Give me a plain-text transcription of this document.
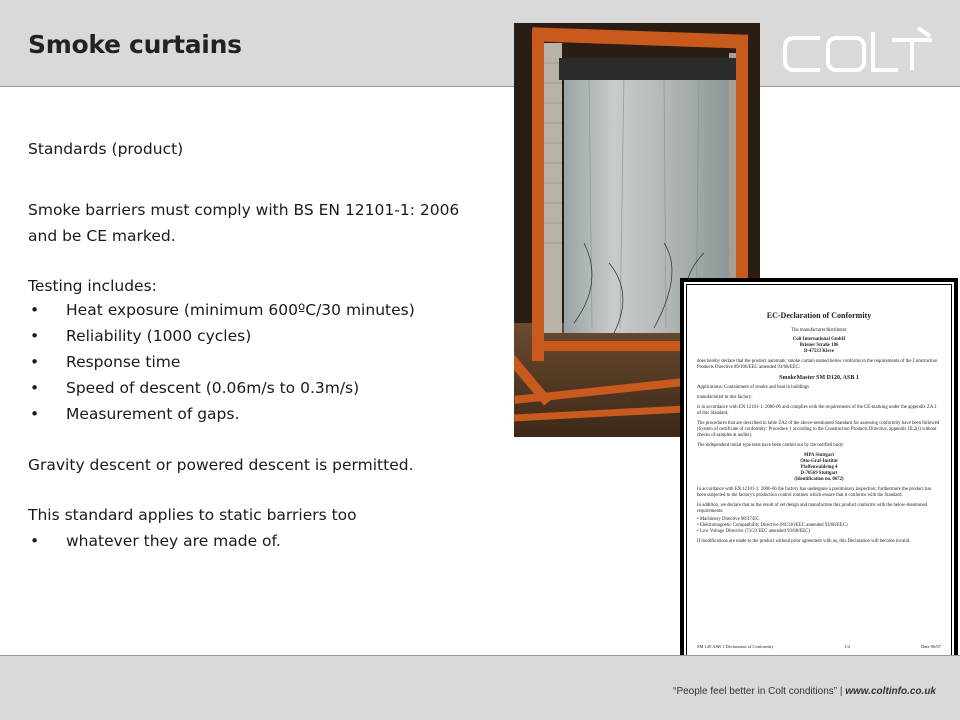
Smoke curtains
EC-Declaration of Conformity
The manufacturer/distributor
Colt International GmbH
Briener Straße 186
D-47533 Kleve
does hereby declare that the product automatic smoke curtain named below conforms to the requirements of the Construction Products Directive 89/106/EEC amended 93/68/EEC:
SmokeMaster SM D120, ASB 1
Applications: Containment of smoke and heat in buildings
manufactured in this factory:
is in accordance with EN 12101-1: 2006-06 and complies with the requirements of the CE-marking under the appendix ZA.1 of this Standard.
The procedures that are described in table ZA2 of the above-mentioned Standard for assessing conformity have been followed (System of certificate of conformity: Procedure 1 according to the Construction Products Directive, appendix III.2(i) without checks of samples at audits).
The independent initial type tests have been carried out by the notified body:
MPA Stuttgart
Otto-Graf-Institut
Pfaffenwaldring 4
D-70569 Stuttgart
(Identification no. 0672)
In accordance with EN 12101-1: 2006-06 the factory has undergone a preliminary inspection; furthermore the product has been subjected to the factory's production control routines which ensure that it conforms with the Standard.
In addition, we declare that as the result of set design and manufacture this product conforms with the below-mentioned requirements:
• Machinery Directive 98/37/EC
• Elektromagnetic Compatibility Directive (89/336/EEC amended 93/68/EEC)
• Low Voltage Directive (73/23 EEC amended 93/68/EEC)
If modifications are made to the product without prior agreement with us, this Declaration will become invalid.
SM 120 ASB 1 Declaration of Conformity	1/2	Date 06/07

Standards (product)

Smoke barriers must comply with BS EN 12101-1: 2006

and be CE marked.

Testing includes:

• Heat exposure (minimum 600ºC/30 minutes)
• Reliability (1000 cycles)
• Response time
• Speed of descent (0.06m/s to 0.3m/s)
• Measurement of gaps.

Gravity descent or powered descent is permitted.

This standard applies to static barriers too

• whatever they are made of.
“People feel better in Colt conditions” | www.coltinfo.co.uk
